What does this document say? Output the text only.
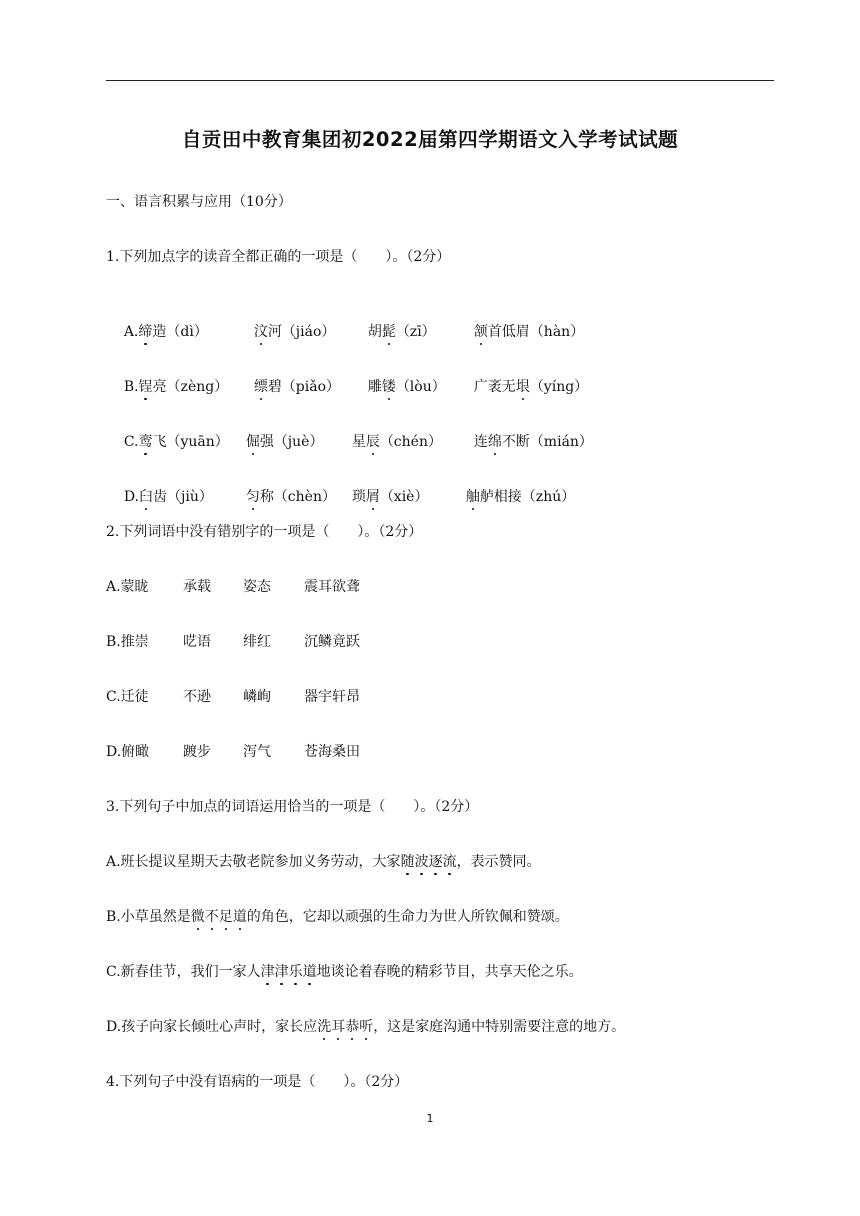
自贡田中教育集团初2022届第四学期语文入学考试试题
一、语言积累与应用（10分）
1.下列加点字的读音全都正确的一项是（　　）。（2分）

A.缔造（dì）	汶河（jiáo） 胡髭（zī）	颔首低眉（hàn）

B.锃亮（zèng） 缥碧（piǎo） 雕镂（lòu） 广袤无垠（yíng）

C.鸾飞（yuān） 倔强（juè） 星辰（chén） 连绵不断（mián）

D.臼齿（jiù） 匀称（chèn） 琐屑（xiè）	舳舻相接（zhú）

2.下列词语中没有错别字的一项是（　　）。（2分）
A.蒙眬 承载 姿态 震耳欲聋
B.推崇 呓语 绯红 沉鳞竟跃
C.迁徒 不逊 嶙峋 器宇轩昂
D.俯瞰 踱步 泻气 苍海桑田
3.下列句子中加点的词语运用恰当的一项是（　　）。（2分）
A.班长提议星期天去敬老院参加义务劳动，大家随波逐流，表示赞同。
B.小草虽然是微不足道的角色，它却以顽强的生命力为世人所钦佩和赞颂。
C.新春佳节，我们一家人津津乐道地谈论着春晚的精彩节目，共享天伦之乐。
D.孩子向家长倾吐心声时，家长应洗耳恭听，这是家庭沟通中特别需要注意的地方。
4.下列句子中没有语病的一项是（　　）。（2分）
1
